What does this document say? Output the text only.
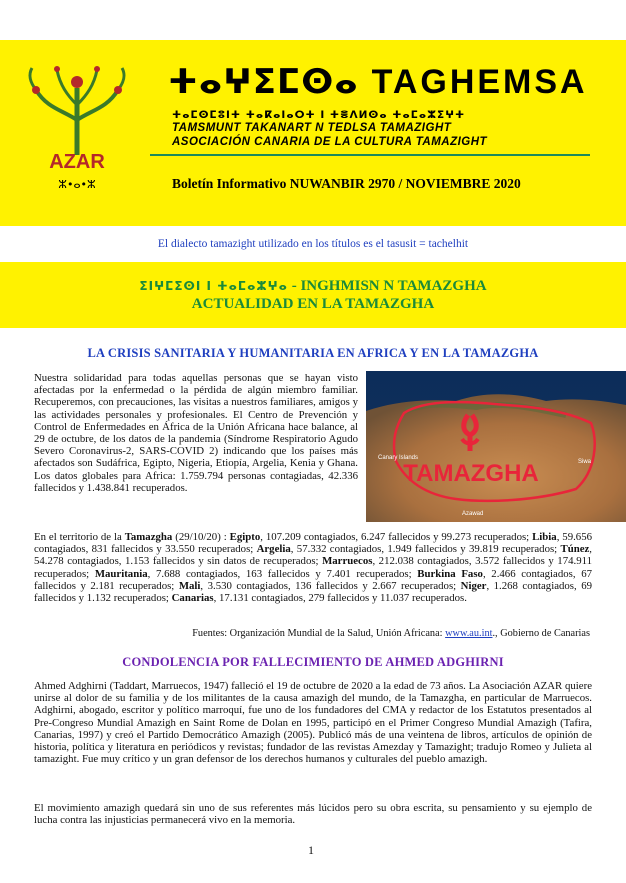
AZAR
ⵣ•ⴰ•ⵣ
ⵜⴰⵖⵉⵎⵙⴰ TAGHEMSA
ⵜⴰⵎⵙⵎⵓⵏⵜ ⵜⴰⴽⴰⵏⴰⵔⵜ ⵏ ⵜⴻⴷⵍⵙⴰ ⵜⴰⵎⴰⵣⵉⵖⵜ
TAMSMUNT TAKANART N TEDLSA TAMAZIGHT
ASOCIACIÓN CANARIA DE LA CULTURA TAMAZIGHT
Boletín Informativo NUWANBIR 2970 / NOVIEMBRE 2020
El dialecto tamazight utilizado en los títulos es el tasusit = tachelhit
ⵉⵏⵖⵎⵉⵙⵏ ⵏ ⵜⴰⵎⴰⵣⵖⴰ - INGHMISN N TAMAZGHA
ACTUALIDAD EN LA TAMAZGHA
LA CRISIS SANITARIA Y HUMANITARIA EN AFRICA Y EN LA TAMAZGHA
Nuestra solidaridad para todas aquellas personas que se hayan visto afectadas por la enfermedad o la pérdida de algún miembro familiar. Recuperemos, con precauciones, las visitas a nuestros familiares, amigos y las actividades personales y profesionales. El Centro de Prevención y Control de Enfermedades en África de la Unión Africana hace balance, al 29 de octubre, de los datos de la pandemia (Síndrome Respiratorio Agudo Severo Coronavirus-2, SARS-COVID 2) indicando que los países más afectados son Sudáfrica, Egipto, Nigeria, Etiopía, Argelia, Kenia y Ghana. Los datos globales para Africa: 1.759.794 personas contagiadas, 42.336 fallecidos y 1.438.841 recuperados.
TAMAZGHA
Canary Islands
Siwa
Azawad
En el territorio de la Tamazgha (29/10/20) : Egipto, 107.209 contagiados, 6.247 fallecidos y 99.273 recuperados; Libia, 59.656 contagiados, 831 fallecidos y 33.550 recuperados; Argelia, 57.332 contagiados, 1.949 fallecidos y 39.819 recuperados; Túnez, 54.278 contagiados, 1.153 fallecidos y sin datos de recuperados; Marruecos, 212.038 contagiados, 3.572 fallecidos y 174.911 recuperados; Mauritania, 7.688 contagiados, 163 fallecidos y 7.401 recuperados; Burkina Faso, 2.466 contagiados, 67 fallecidos y 2.181 recuperados; Mali, 3.530 contagiados, 136 fallecidos y 2.667 recuperados; Niger, 1.268 contagiados, 69 fallecidos y 1.132 recuperados; Canarias, 17.131 contagiados, 279 fallecidos y 11.037 recuperados.
Fuentes: Organización Mundial de la Salud, Unión Africana: www.au.int., Gobierno de Canarias
CONDOLENCIA POR FALLECIMIENTO DE AHMED ADGHIRNI
Ahmed Adghirni (Taddart, Marruecos, 1947) falleció el 19 de octubre de 2020 a la edad de 73 años. La Asociación AZAR quiere unirse al dolor de su familia y de los militantes de la causa amazigh del mundo, de la Tamazgha, en particular de Marruecos. Adghirni, abogado, escritor y político marroquí, fue uno de los fundadores del CMA y redactor de los Estatutos presentados al Pre-Congreso Mundial Amazigh en Saint Rome de Dolan en 1995, participó en el Primer Congreso Mundial Amazigh (Tafira, Canarias, 1997) y creó el Partido Democrático Amazigh (2005). Publicó más de una veintena de libros, artículos de opinión de historia, política y literatura en periódicos y revistas; fundador de las revistas Amezday y Tamazight; tradujo Romeo y Julieta al tamazight. Fue muy crítico y un gran defensor de los derechos humanos y culturales del pueblo amazigh.
El movimiento amazigh quedará sin uno de sus referentes más lúcidos pero su obra escrita, su pensamiento y su ejemplo de lucha contra las injusticias permanecerá vivo en la memoria.
1
